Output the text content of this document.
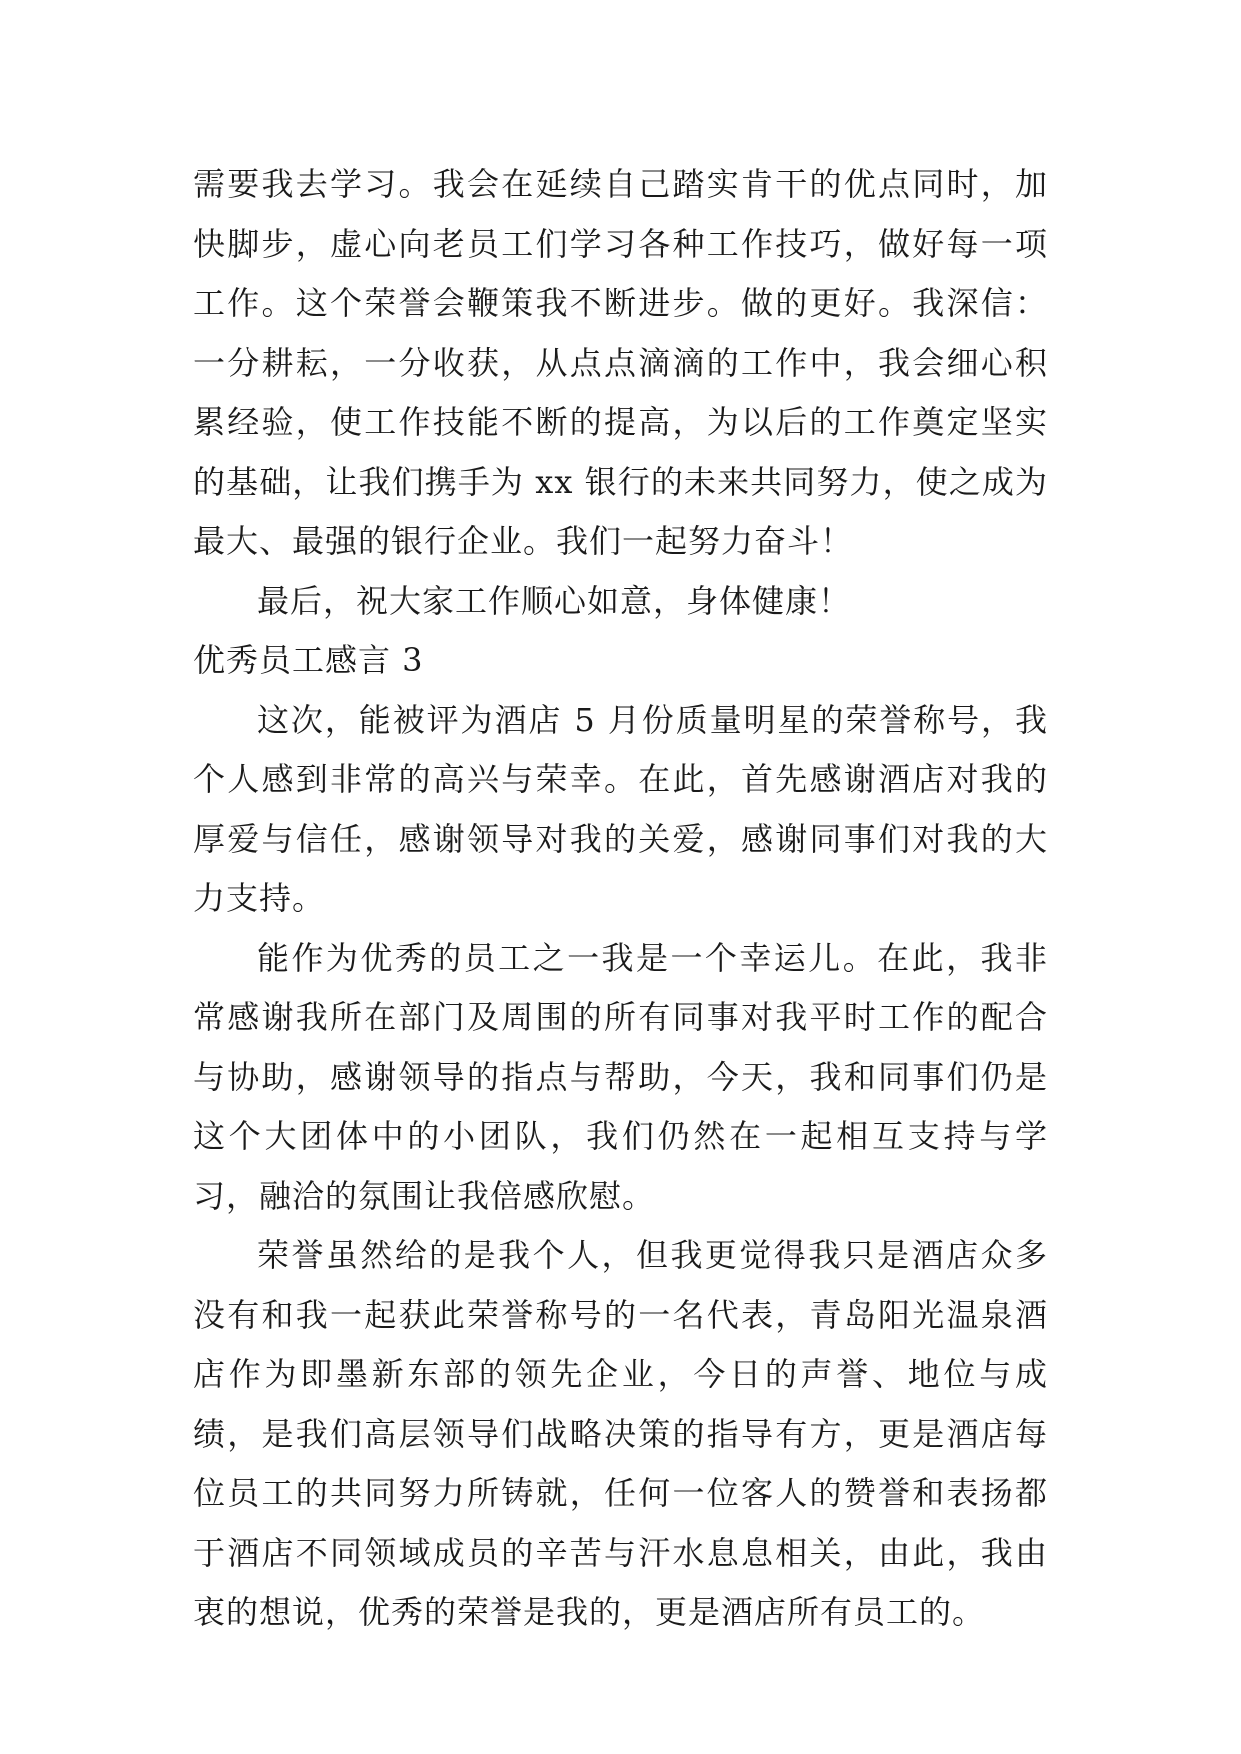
需要我去学习。我会在延续自己踏实肯干的优点同时，加快脚步，虚心向老员工们学习各种工作技巧，做好每一项工作。这个荣誉会鞭策我不断进步。做的更好。我深信：一分耕耘，一分收获，从点点滴滴的工作中，我会细心积累经验，使工作技能不断的提高，为以后的工作奠定坚实的基础，让我们携手为 xx 银行的未来共同努力，使之成为最大、最强的银行企业。我们一起努力奋斗！

最后，祝大家工作顺心如意，身体健康！

优秀员工感言 3

这次，能被评为酒店 5 月份质量明星的荣誉称号，我个人感到非常的高兴与荣幸。在此，首先感谢酒店对我的厚爱与信任，感谢领导对我的关爱，感谢同事们对我的大力支持。

能作为优秀的员工之一我是一个幸运儿。在此，我非常感谢我所在部门及周围的所有同事对我平时工作的配合与协助，感谢领导的指点与帮助，今天，我和同事们仍是这个大团体中的小团队，我们仍然在一起相互支持与学习，融洽的氛围让我倍感欣慰。

荣誉虽然给的是我个人，但我更觉得我只是酒店众多没有和我一起获此荣誉称号的一名代表，青岛阳光温泉酒店作为即墨新东部的领先企业，今日的声誉、地位与成绩，是我们高层领导们战略决策的指导有方，更是酒店每位员工的共同努力所铸就，任何一位客人的赞誉和表扬都于酒店不同领域成员的辛苦与汗水息息相关，由此，我由衷的想说，优秀的荣誉是我的，更是酒店所有员工的。
